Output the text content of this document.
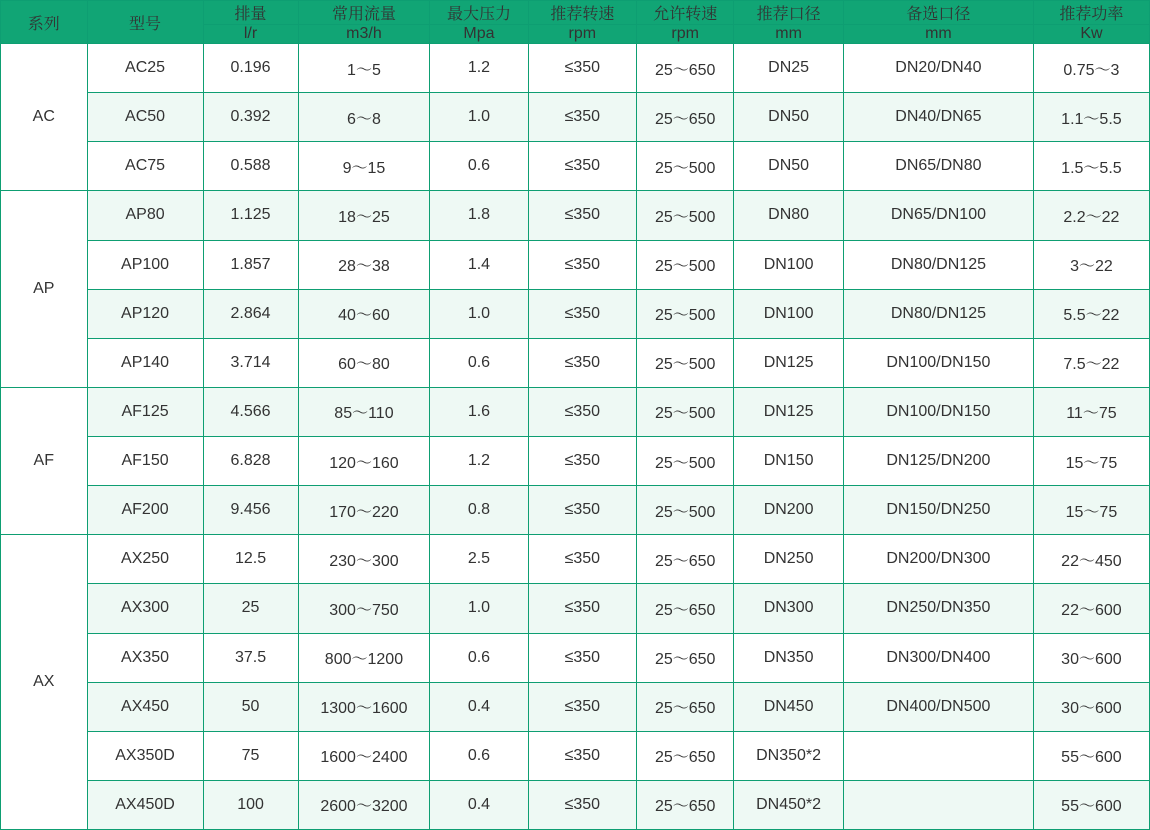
系列	型号	排量	常用流量	最大压力	推荐转速	允许转速	推荐口径	备选口径	推荐功率
		l/r	m3/h	Mpa	rpm	rpm	mm	mm	Kw
AC	AC25	0.196	1～5	1.2	≤350	25～650	DN25	DN20/DN40	0.75～3
	AC50	0.392	6～8	1.0	≤350	25～650	DN50	DN40/DN65	1.1～5.5
	AC75	0.588	9～15	0.6	≤350	25～500	DN50	DN65/DN80	1.5～5.5
AP	AP80	1.125	18～25	1.8	≤350	25～500	DN80	DN65/DN100	2.2～22
	AP100	1.857	28～38	1.4	≤350	25～500	DN100	DN80/DN125	3～22
	AP120	2.864	40～60	1.0	≤350	25～500	DN100	DN80/DN125	5.5～22
	AP140	3.714	60～80	0.6	≤350	25～500	DN125	DN100/DN150	7.5～22
AF	AF125	4.566	85～110	1.6	≤350	25～500	DN125	DN100/DN150	11～75
	AF150	6.828	120～160	1.2	≤350	25～500	DN150	DN125/DN200	15～75
	AF200	9.456	170～220	0.8	≤350	25～500	DN200	DN150/DN250	15～75
AX	AX250	12.5	230～300	2.5	≤350	25～650	DN250	DN200/DN300	22～450
	AX300	25	300～750	1.0	≤350	25～650	DN300	DN250/DN350	22～600
	AX350	37.5	800～1200	0.6	≤350	25～650	DN350	DN300/DN400	30～600
	AX450	50	1300～1600	0.4	≤350	25～650	DN450	DN400/DN500	30～600
	AX350D	75	1600～2400	0.6	≤350	25～650	DN350*2		55～600
	AX450D	100	2600～3200	0.4	≤350	25～650	DN450*2		55～600
